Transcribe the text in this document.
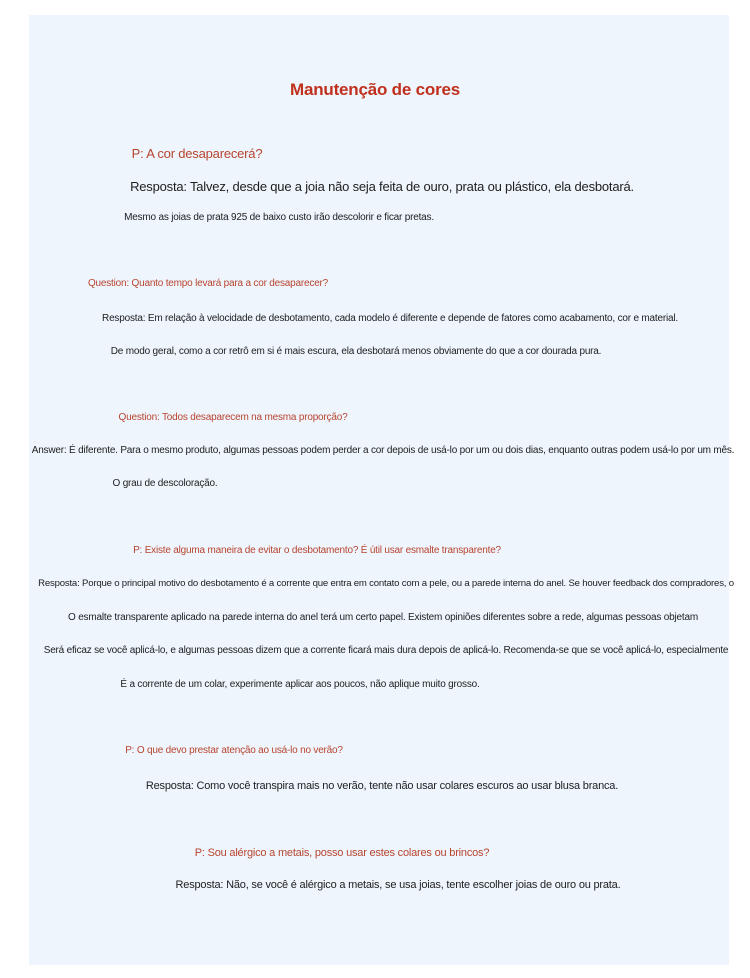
Manutenção de cores
P: A cor desaparecerá?
Resposta: Talvez, desde que a joia não seja feita de ouro, prata ou plástico, ela desbotará.
Mesmo as joias de prata 925 de baixo custo irão descolorir e ficar pretas.
Question: Quanto tempo levará para a cor desaparecer?
Resposta: Em relação à velocidade de desbotamento, cada modelo é diferente e depende de fatores como acabamento, cor e material.
De modo geral, como a cor retrô em si é mais escura, ela desbotará menos obviamente do que a cor dourada pura.
Question: Todos desaparecem na mesma proporção?
Answer: É diferente. Para o mesmo produto, algumas pessoas podem perder a cor depois de usá-lo por um ou dois dias, enquanto outras podem usá-lo por um mês.
O grau de descoloração.
P: Existe alguma maneira de evitar o desbotamento? É útil usar esmalte transparente?
Resposta: Porque o principal motivo do desbotamento é a corrente que entra em contato com a pele, ou a parede interna do anel. Se houver feedback dos compradores, o
O esmalte transparente aplicado na parede interna do anel terá um certo papel. Existem opiniões diferentes sobre a rede, algumas pessoas objetam
Será eficaz se você aplicá-lo, e algumas pessoas dizem que a corrente ficará mais dura depois de aplicá-lo. Recomenda-se que se você aplicá-lo, especialmente
É a corrente de um colar, experimente aplicar aos poucos, não aplique muito grosso.
P: O que devo prestar atenção ao usá-lo no verão?
Resposta: Como você transpira mais no verão, tente não usar colares escuros ao usar blusa branca.
P: Sou alérgico a metais, posso usar estes colares ou brincos?
Resposta: Não, se você é alérgico a metais, se usa joias, tente escolher joias de ouro ou prata.
